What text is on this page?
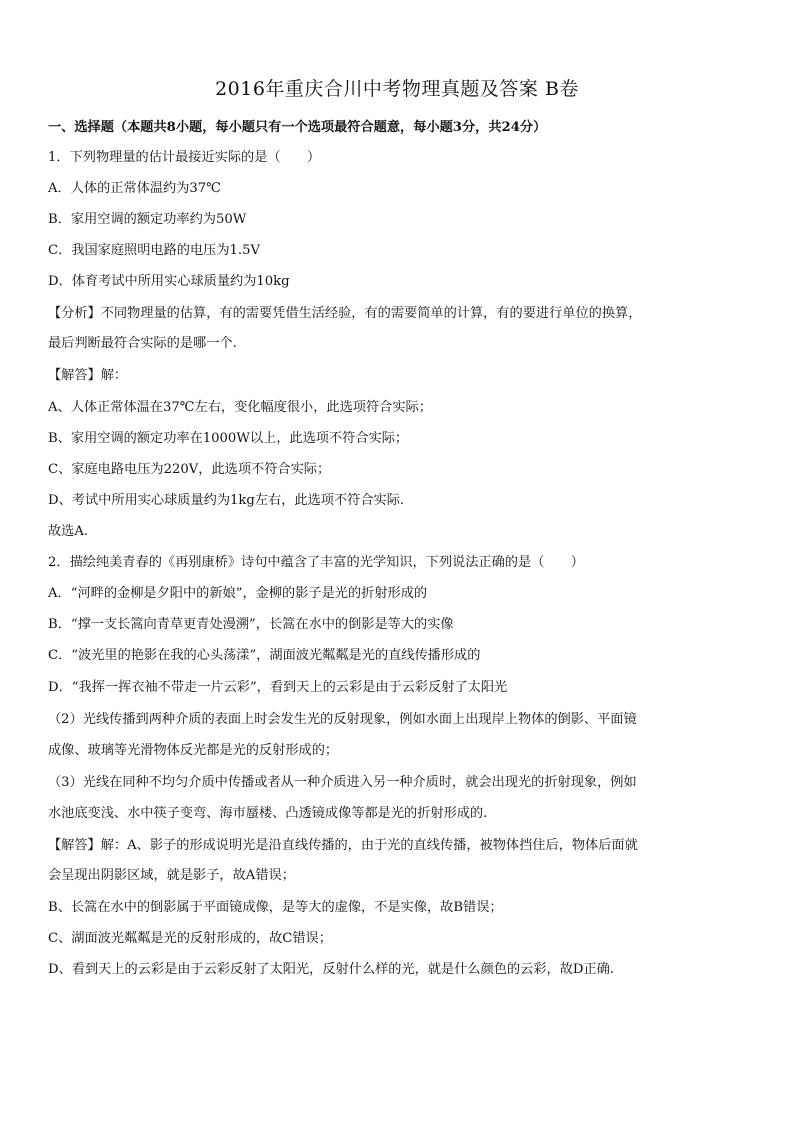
2016年重庆合川中考物理真题及答案 B卷
一、选择题（本题共8小题，每小题只有一个选项最符合题意，每小题3分，共24分）
1．下列物理量的估计最接近实际的是（　　）
A．人体的正常体温约为37℃
B．家用空调的额定功率约为50W
C．我国家庭照明电路的电压为1.5V
D．体育考试中所用实心球质量约为10kg
【分析】不同物理量的估算，有的需要凭借生活经验，有的需要简单的计算，有的要进行单位的换算，
最后判断最符合实际的是哪一个.
【解答】解：
A、人体正常体温在37℃左右，变化幅度很小，此选项符合实际；
B、家用空调的额定功率在1000W以上，此选项不符合实际；
C、家庭电路电压为220V，此选项不符合实际；
D、考试中所用实心球质量约为1kg左右，此选项不符合实际.
故选A.
2．描绘纯美青春的《再别康桥》诗句中蕴含了丰富的光学知识，下列说法正确的是（　　）
A．“河畔的金柳是夕阳中的新娘”，金柳的影子是光的折射形成的
B．“撑一支长篙向青草更青处漫溯”，长篙在水中的倒影是等大的实像
C．“波光里的艳影在我的心头荡漾”，湖面波光粼粼是光的直线传播形成的
D．“我挥一挥衣袖不带走一片云彩”，看到天上的云彩是由于云彩反射了太阳光
（2）光线传播到两种介质的表面上时会发生光的反射现象，例如水面上出现岸上物体的倒影、平面镜
成像、玻璃等光滑物体反光都是光的反射形成的；
（3）光线在同种不均匀介质中传播或者从一种介质进入另一种介质时，就会出现光的折射现象，例如
水池底变浅、水中筷子变弯、海市蜃楼、凸透镜成像等都是光的折射形成的.
【解答】解：A、影子的形成说明光是沿直线传播的，由于光的直线传播，被物体挡住后，物体后面就
会呈现出阴影区域，就是影子，故A错误；
B、长篙在水中的倒影属于平面镜成像，是等大的虚像，不是实像，故B错误；
C、湖面波光粼粼是光的反射形成的，故C错误；
D、看到天上的云彩是由于云彩反射了太阳光，反射什么样的光，就是什么颜色的云彩，故D正确.
